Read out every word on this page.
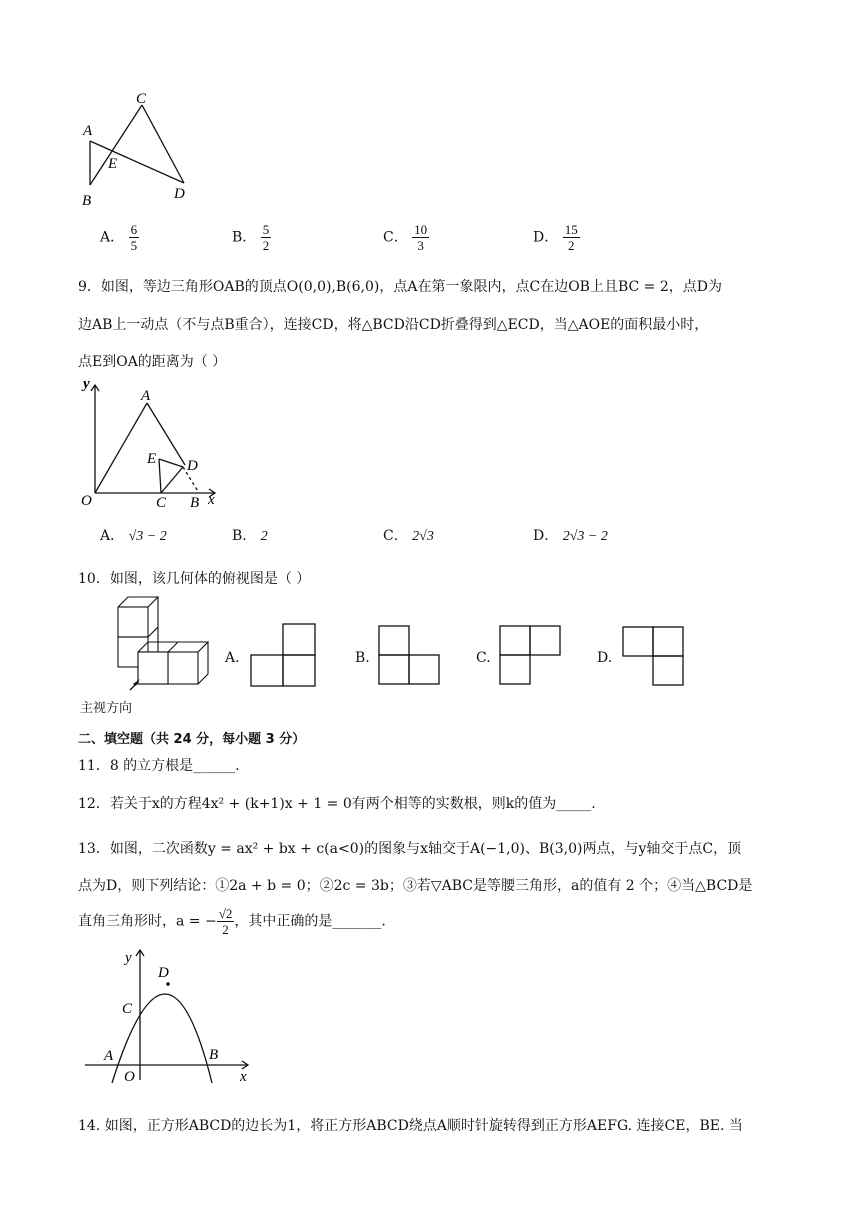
C
A
E
B	D
A． $\frac{6}{5}$	B． $\frac{5}{2}$	C． $\frac{10}{3}$	D． $\frac{15}{2}$
9．如图，等边三角形OAB的顶点O(0,0),B(6,0)，点A在第一象限内，点C在边OB上且BC = 2，点D为
边AB上一动点（不与点B重合），连接CD，将△BCD沿CD折叠得到△ECD，当△AOE的面积最小时，
点E到OA的距离为（ ）
y
A
E D
O	C B x
A． √3 − 2	B． 2	C． 2√3	D． 2√3 − 2
10．如图，该几何体的俯视图是（ ）
主视方向
A.	B.	C.	D.
二、填空题（共 24 分，每小题 3 分）
11．8 的立方根是______.
12．若关于x的方程4x² + (k+1)x + 1 = 0有两个相等的实数根，则k的值为_____.
13．如图，二次函数y = ax² + bx + c(a<0)的图象与x轴交于A(−1,0)、B(3,0)两点，与y轴交于点C，顶
点为D，则下列结论：①2a + b = 0；②2c = 3b；③若▽ABC是等腰三角形，a的值有 2 个；④当△BCD是
直角三角形时，a = − $\frac{√2}{2}$ ，其中正确的是_______.
y
D
C
A	B
O	x
14. 如图，正方形ABCD的边长为1，将正方形ABCD绕点A顺时针旋转得到正方形AEFG. 连接CE，BE. 当
